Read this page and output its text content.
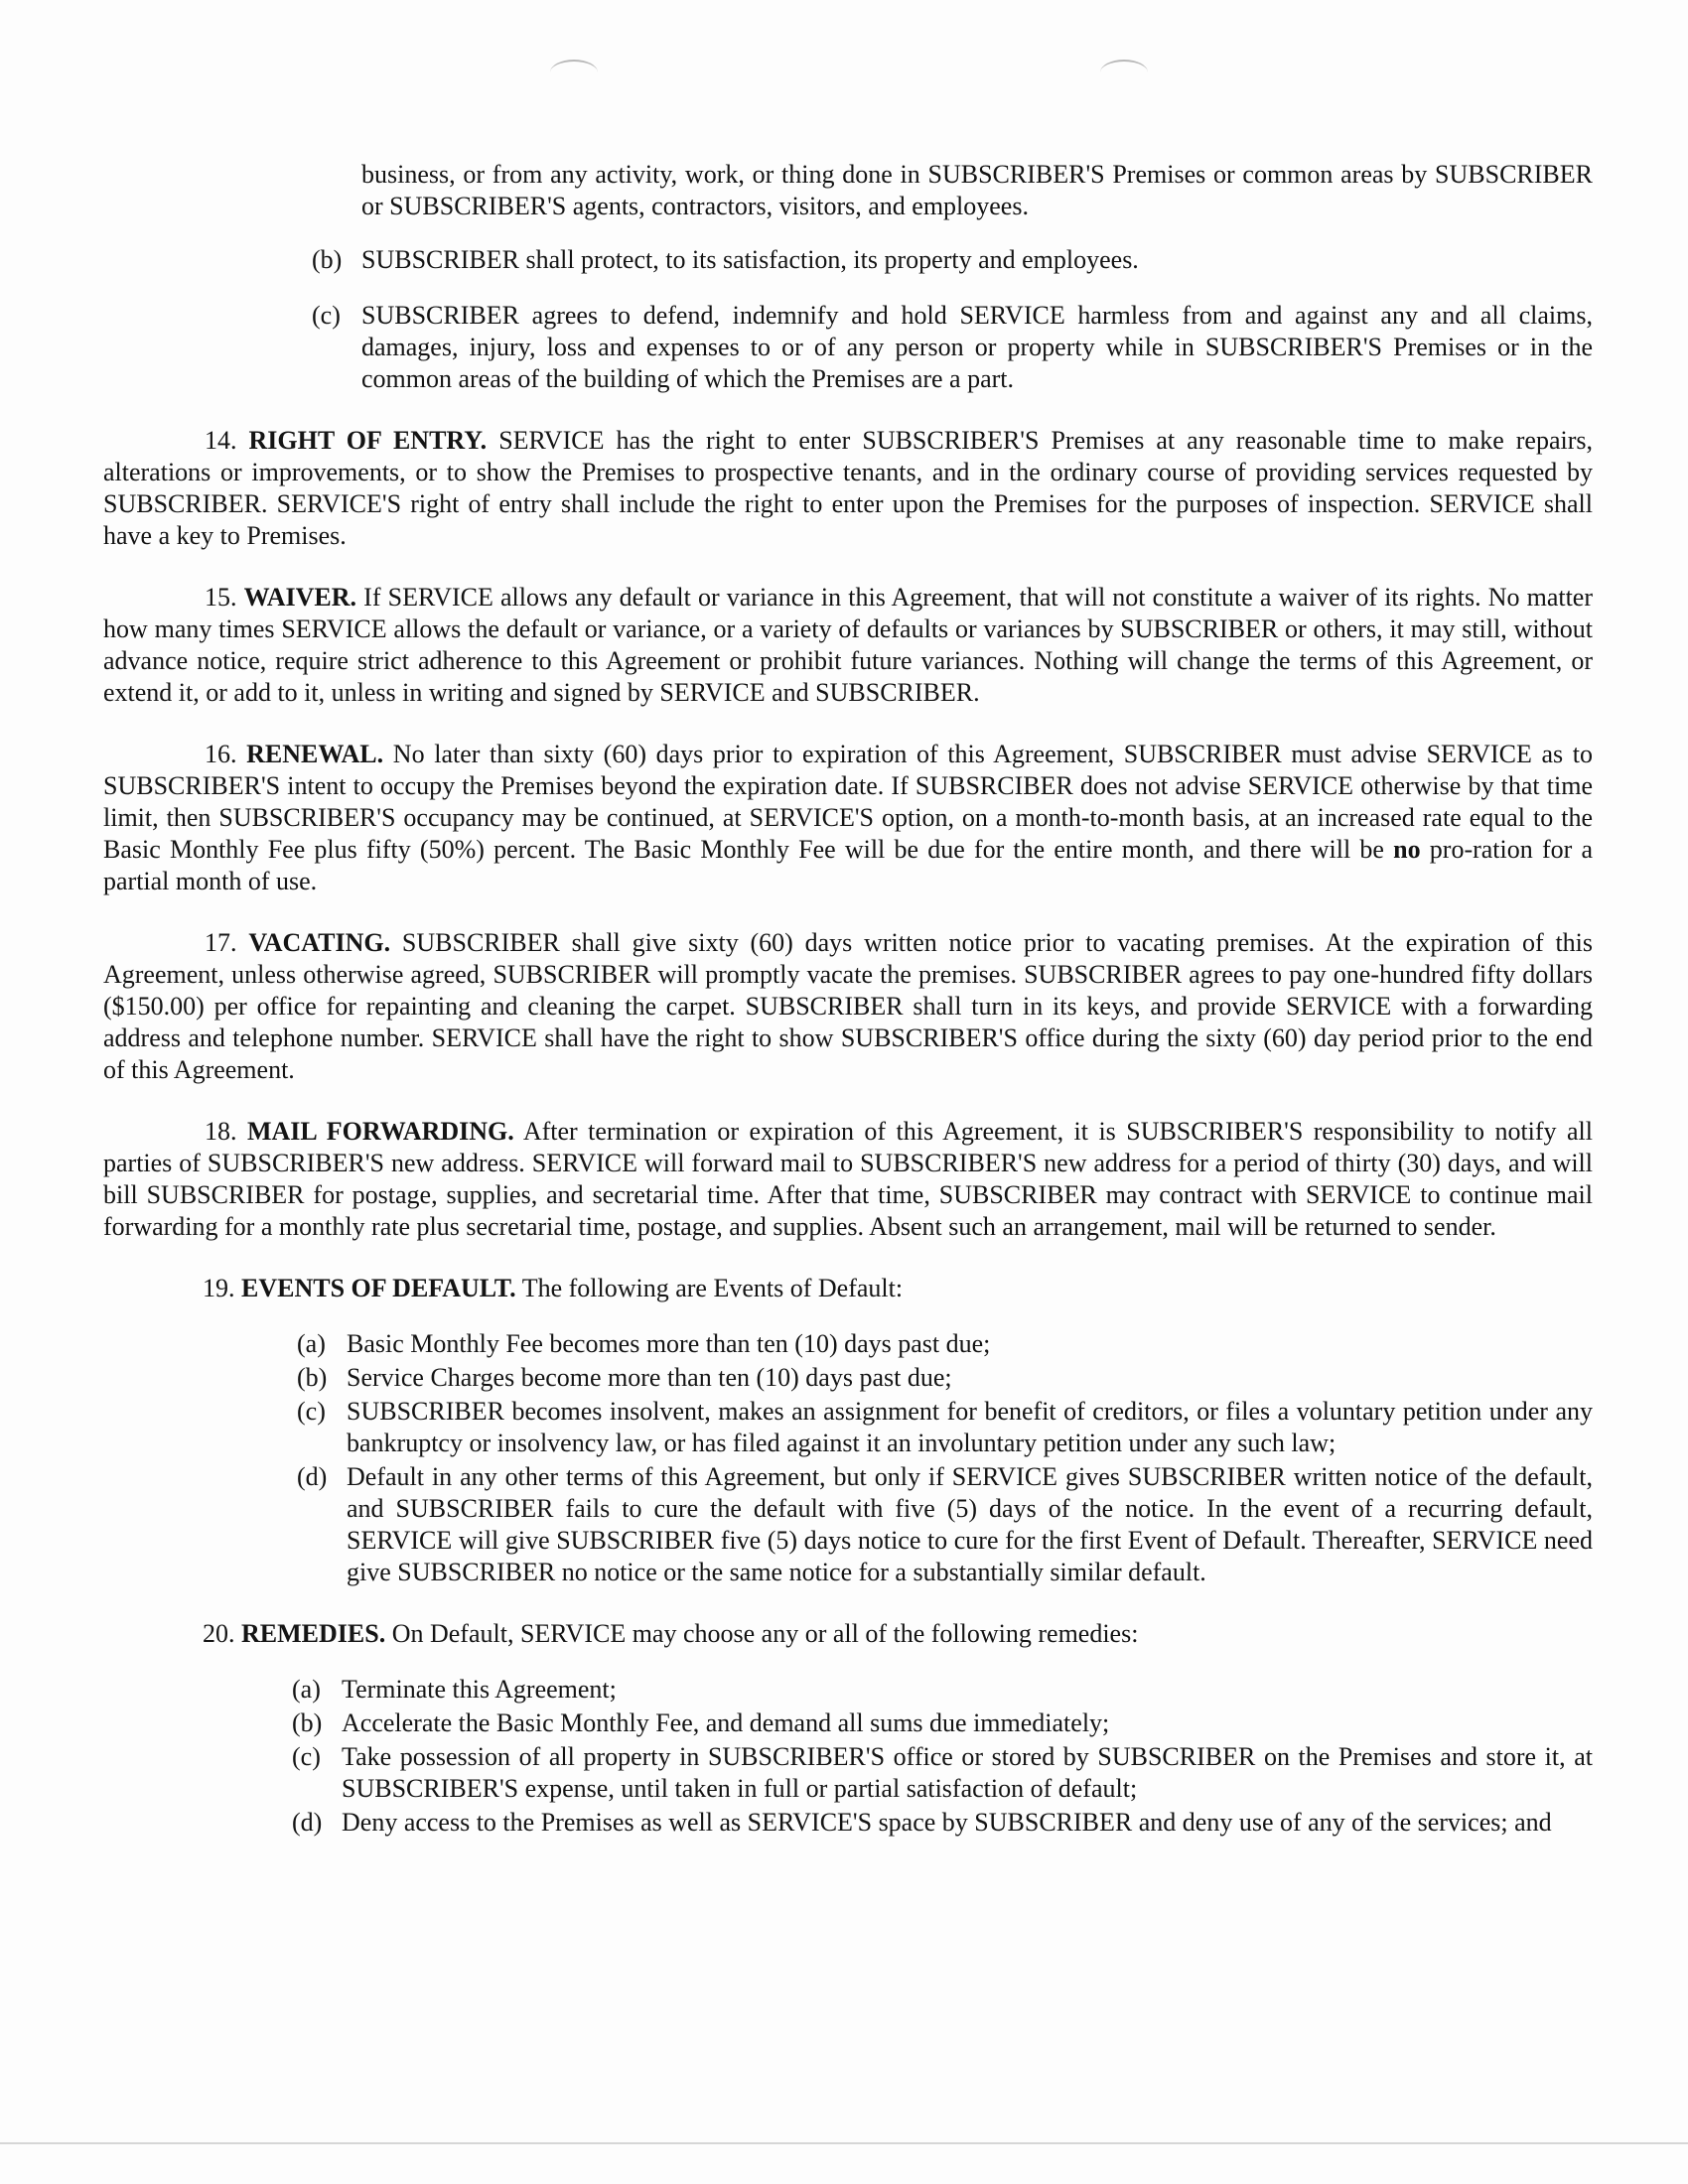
business, or from any activity, work, or thing done in SUBSCRIBER'S Premises or common areas by SUBSCRIBER or SUBSCRIBER'S agents, contractors, visitors, and employees.

(b) SUBSCRIBER shall protect, to its satisfaction, its property and employees.
(c) SUBSCRIBER agrees to defend, indemnify and hold SERVICE harmless from and against any and all claims, damages, injury, loss and expenses to or of any person or property while in SUBSCRIBER'S Premises or in the common areas of the building of which the Premises are a part.

14. RIGHT OF ENTRY. SERVICE has the right to enter SUBSCRIBER'S Premises at any reasonable time to make repairs, alterations or improvements, or to show the Premises to prospective tenants, and in the ordinary course of providing services requested by SUBSCRIBER. SERVICE'S right of entry shall include the right to enter upon the Premises for the purposes of inspection. SERVICE shall have a key to Premises.

15. WAIVER. If SERVICE allows any default or variance in this Agreement, that will not constitute a waiver of its rights. No matter how many times SERVICE allows the default or variance, or a variety of defaults or variances by SUBSCRIBER or others, it may still, without advance notice, require strict adherence to this Agreement or prohibit future variances. Nothing will change the terms of this Agreement, or extend it, or add to it, unless in writing and signed by SERVICE and SUBSCRIBER.

16. RENEWAL. No later than sixty (60) days prior to expiration of this Agreement, SUBSCRIBER must advise SERVICE as to SUBSCRIBER'S intent to occupy the Premises beyond the expiration date. If SUBSRCIBER does not advise SERVICE otherwise by that time limit, then SUBSCRIBER'S occupancy may be continued, at SERVICE'S option, on a month-to-month basis, at an increased rate equal to the Basic Monthly Fee plus fifty (50%) percent. The Basic Monthly Fee will be due for the entire month, and there will be no pro-ration for a partial month of use.

17. VACATING. SUBSCRIBER shall give sixty (60) days written notice prior to vacating premises. At the expiration of this Agreement, unless otherwise agreed, SUBSCRIBER will promptly vacate the premises. SUBSCRIBER agrees to pay one-hundred fifty dollars ($150.00) per office for repainting and cleaning the carpet. SUBSCRIBER shall turn in its keys, and provide SERVICE with a forwarding address and telephone number. SERVICE shall have the right to show SUBSCRIBER'S office during the sixty (60) day period prior to the end of this Agreement.

18. MAIL FORWARDING. After termination or expiration of this Agreement, it is SUBSCRIBER'S responsibility to notify all parties of SUBSCRIBER'S new address. SERVICE will forward mail to SUBSCRIBER'S new address for a period of thirty (30) days, and will bill SUBSCRIBER for postage, supplies, and secretarial time. After that time, SUBSCRIBER may contract with SERVICE to continue mail forwarding for a monthly rate plus secretarial time, postage, and supplies. Absent such an arrangement, mail will be returned to sender.

19. EVENTS OF DEFAULT. The following are Events of Default:

(a) Basic Monthly Fee becomes more than ten (10) days past due;
(b) Service Charges become more than ten (10) days past due;
(c) SUBSCRIBER becomes insolvent, makes an assignment for benefit of creditors, or files a voluntary petition under any bankruptcy or insolvency law, or has filed against it an involuntary petition under any such law;
(d) Default in any other terms of this Agreement, but only if SERVICE gives SUBSCRIBER written notice of the default, and SUBSCRIBER fails to cure the default with five (5) days of the notice. In the event of a recurring default, SERVICE will give SUBSCRIBER five (5) days notice to cure for the first Event of Default. Thereafter, SERVICE need give SUBSCRIBER no notice or the same notice for a substantially similar default.

20. REMEDIES. On Default, SERVICE may choose any or all of the following remedies:

(a) Terminate this Agreement;
(b) Accelerate the Basic Monthly Fee, and demand all sums due immediately;
(c) Take possession of all property in SUBSCRIBER'S office or stored by SUBSCRIBER on the Premises and store it, at SUBSCRIBER'S expense, until taken in full or partial satisfaction of default;
(d) Deny access to the Premises as well as SERVICE'S space by SUBSCRIBER and deny use of any of the services; and
